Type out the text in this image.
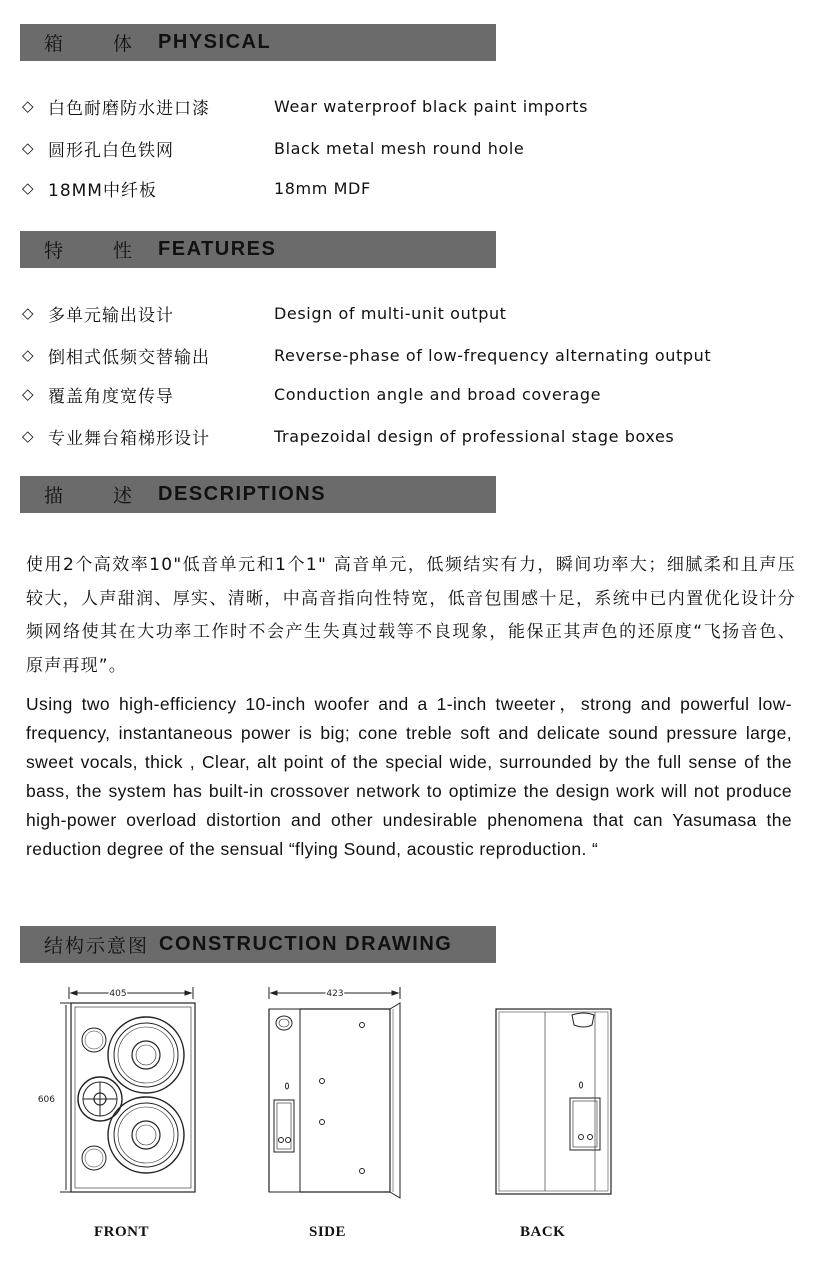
箱 体 PHYSICAL
◇ 白色耐磨防水进口漆	Wear waterproof black paint imports
◇ 圆形孔白色铁网	Black metal mesh round hole
◇ 18MM中纤板	18mm MDF
特 性 FEATURES
◇ 多单元输出设计	Design of multi-unit output
◇ 倒相式低频交替输出	Reverse-phase of low-frequency alternating output
◇ 覆盖角度宽传导	Conduction angle and broad coverage
◇ 专业舞台箱梯形设计	Trapezoidal design of professional stage boxes
描 述 DESCRIPTIONS

使用2个高效率10"低音单元和1个1" 高音单元，低频结实有力，瞬间功率大；细腻柔和且声压较大，人声甜润、厚实、清晰，中高音指向性特宽，低音包围感十足，系统中已内置优化设计分频网络使其在大功率工作时不会产生失真过载等不良现象，能保正其声色的还原度“飞扬音色、原声再现”。

Using two high-efficiency 10-inch woofer and a 1-inch tweeter，strong and powerful low-frequency, instantaneous power is big; cone treble soft and delicate sound pressure large, sweet vocals, thick , Clear, alt point of the special wide, surrounded by the full sense of the bass, the system has built-in crossover network to optimize the design work will not produce high-power overload distortion and other undesirable phenomena that can Yasumasa the reduction degree of the sensual “flying Sound, acoustic reproduction. “

结构示意图 CONSTRUCTION DRAWING
405
606
423
FRONT	SIDE	BACK
